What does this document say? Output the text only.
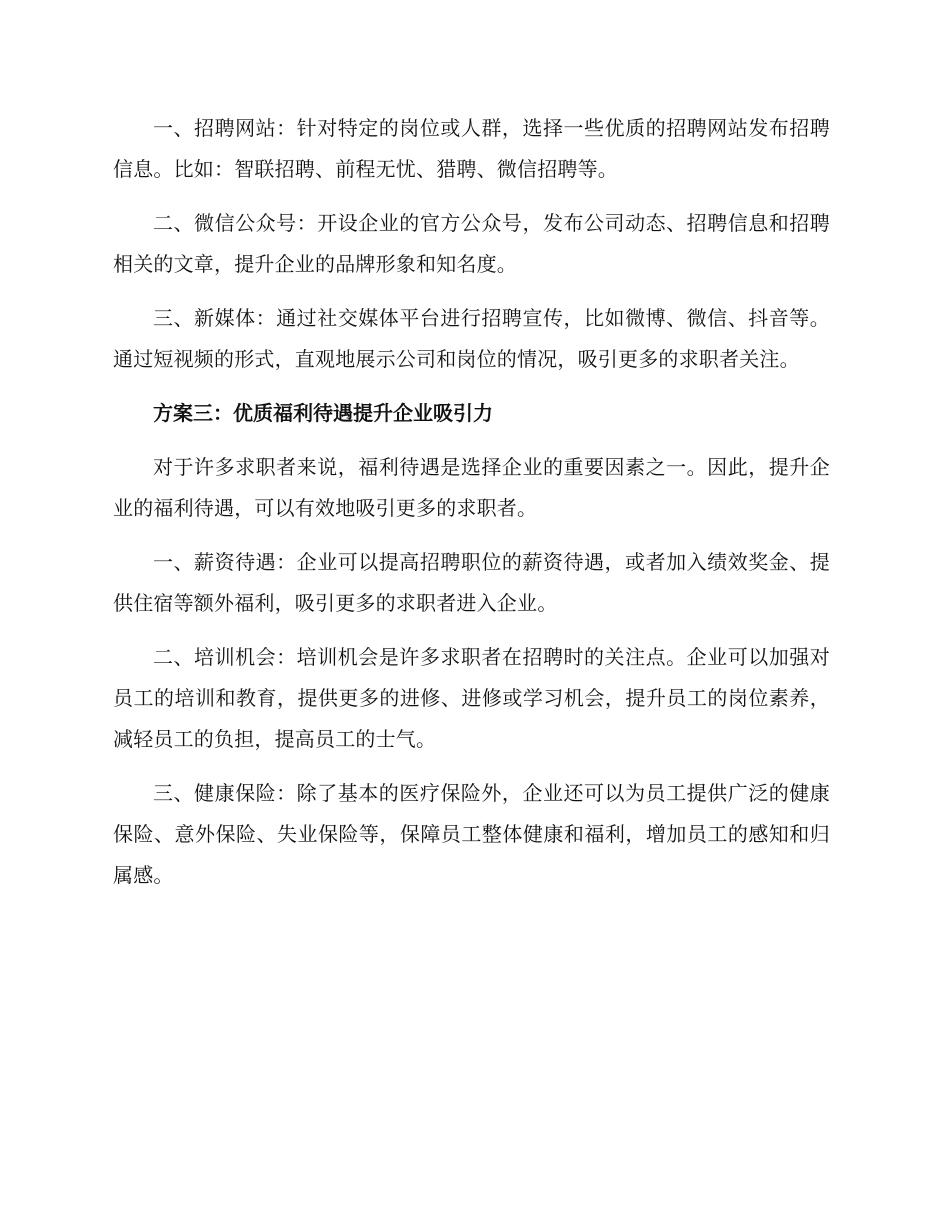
一、招聘网站：针对特定的岗位或人群，选择一些优质的招聘网站发布招聘信息。比如：智联招聘、前程无忧、猎聘、微信招聘等。

二、微信公众号：开设企业的官方公众号，发布公司动态、招聘信息和招聘相关的文章，提升企业的品牌形象和知名度。

三、新媒体：通过社交媒体平台进行招聘宣传，比如微博、微信、抖音等。通过短视频的形式，直观地展示公司和岗位的情况，吸引更多的求职者关注。

方案三：优质福利待遇提升企业吸引力

对于许多求职者来说，福利待遇是选择企业的重要因素之一。因此，提升企业的福利待遇，可以有效地吸引更多的求职者。

一、薪资待遇：企业可以提高招聘职位的薪资待遇，或者加入绩效奖金、提供住宿等额外福利，吸引更多的求职者进入企业。

二、培训机会：培训机会是许多求职者在招聘时的关注点。企业可以加强对员工的培训和教育，提供更多的进修、进修或学习机会，提升员工的岗位素养，减轻员工的负担，提高员工的士气。

三、健康保险：除了基本的医疗保险外，企业还可以为员工提供广泛的健康保险、意外保险、失业保险等，保障员工整体健康和福利，增加员工的感知和归属感。
